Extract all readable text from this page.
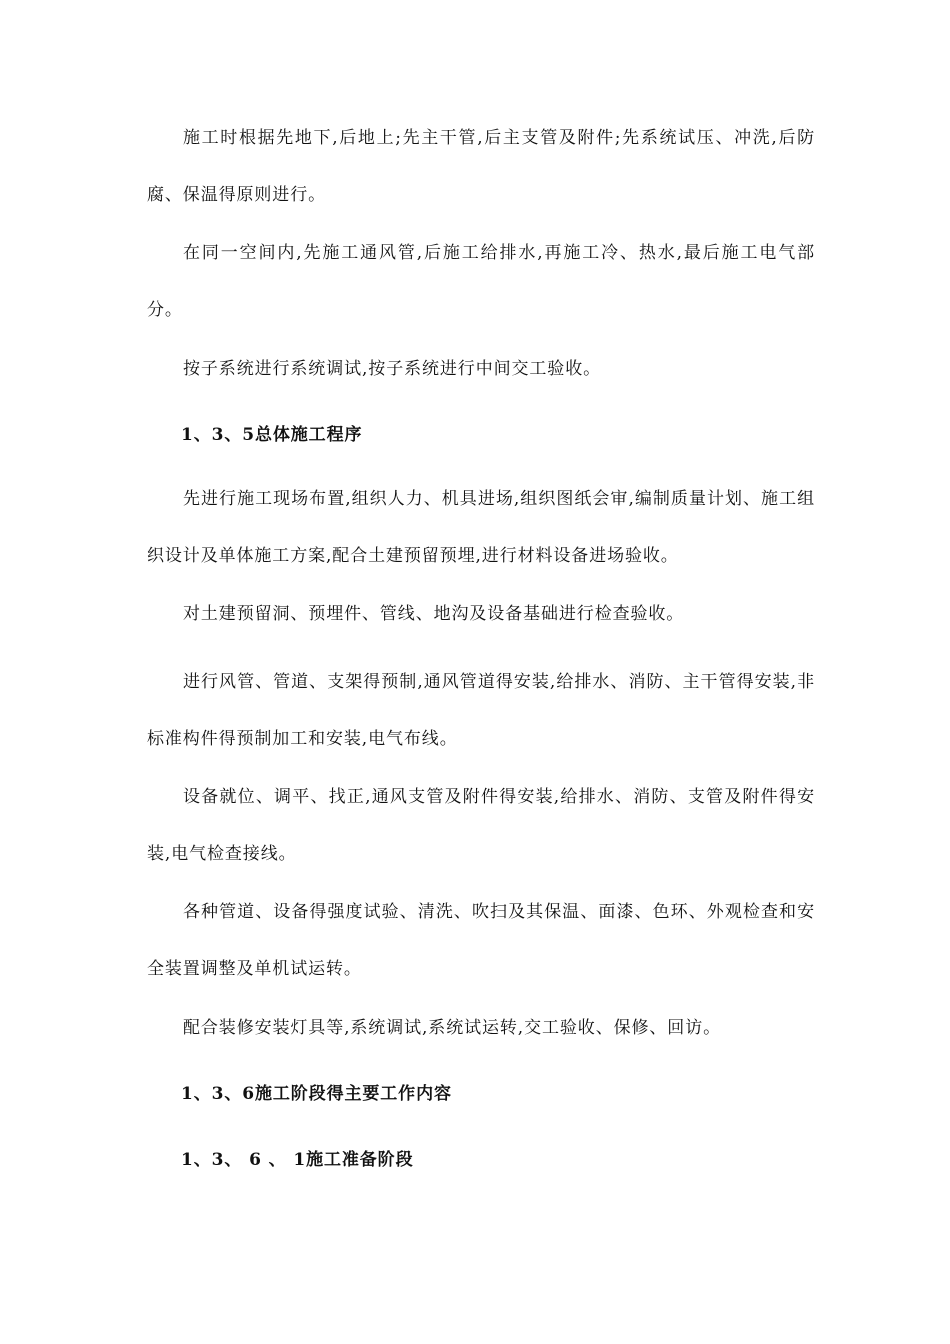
施工时根据先地下,后地上;先主干管,后主支管及附件;先系统试压、冲洗,后防腐、保温得原则进行。

在同一空间内,先施工通风管,后施工给排水,再施工冷、热水,最后施工电气部分。

按子系统进行系统调试,按子系统进行中间交工验收。

1、3、5总体施工程序

先进行施工现场布置,组织人力、机具进场,组织图纸会审,编制质量计划、施工组织设计及单体施工方案,配合土建预留预埋,进行材料设备进场验收。

对土建预留洞、预埋件、管线、地沟及设备基础进行检查验收。

进行风管、管道、支架得预制,通风管道得安装,给排水、消防、主干管得安装,非标准构件得预制加工和安装,电气布线。

设备就位、调平、找正,通风支管及附件得安装,给排水、消防、支管及附件得安装,电气检查接线。

各种管道、设备得强度试验、清洗、吹扫及其保温、面漆、色环、外观检查和安全装置调整及单机试运转。

配合装修安装灯具等,系统调试,系统试运转,交工验收、保修、回访。

1、3、6施工阶段得主要工作内容
1、3、 6 、 1施工准备阶段
